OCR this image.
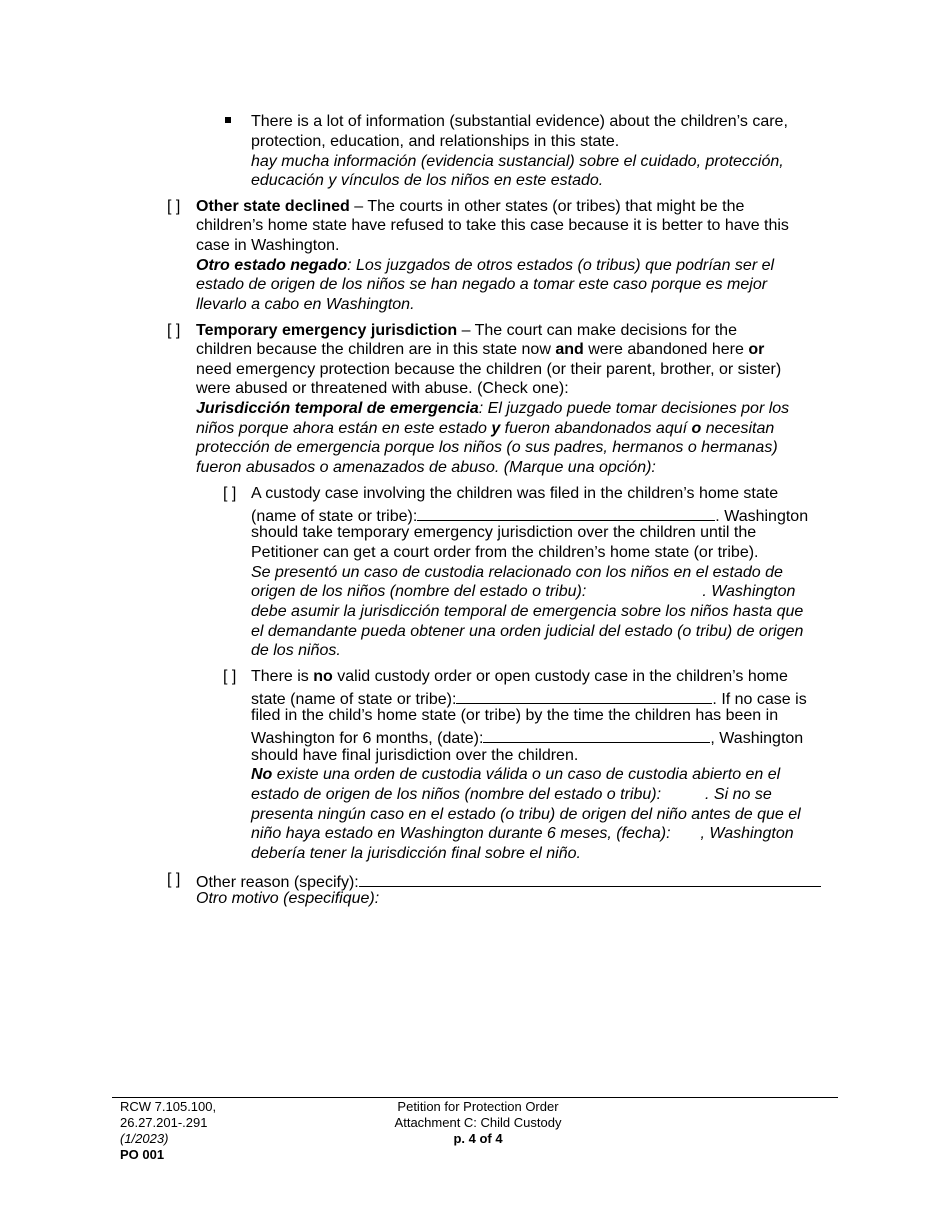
There is a lot of information (substantial evidence) about the children’s care,
protection, education, and relationships in this state.
hay mucha información (evidencia sustancial) sobre el cuidado, protección,
educación y vínculos de los niños en este estado.
[ ] Other state declined – The courts in other states (or tribes) that might be the
children’s home state have refused to take this case because it is better to have this
case in Washington.
Otro estado negado: Los juzgados de otros estados (o tribus) que podrían ser el
estado de origen de los niños se han negado a tomar este caso porque es mejor
llevarlo a cabo en Washington.
[ ] Temporary emergency jurisdiction – The court can make decisions for the
children because the children are in this state now and were abandoned here or
need emergency protection because the children (or their parent, brother, or sister)
were abused or threatened with abuse. (Check one):
Jurisdicción temporal de emergencia: El juzgado puede tomar decisiones por los
niños porque ahora están en este estado y fueron abandonados aquí o necesitan
protección de emergencia porque los niños (o sus padres, hermanos o hermanas)
fueron abusados o amenazados de abuso. (Marque una opción):
[ ] A custody case involving the children was filed in the children’s home state
(name of state or tribe):	. Washington
should take temporary emergency jurisdiction over the children until the
Petitioner can get a court order from the children’s home state (or tribe).
Se presentó un caso de custodia relacionado con los niños en el estado de
origen de los niños (nombre del estado o tribu):	. Washington
debe asumir la jurisdicción temporal de emergencia sobre los niños hasta que
el demandante pueda obtener una orden judicial del estado (o tribu) de origen
de los niños.
[ ] There is no valid custody order or open custody case in the children’s home
state (name of state or tribe):	. If no case is
filed in the child’s home state (or tribe) by the time the children has been in
Washington for 6 months, (date):	, Washington
should have final jurisdiction over the children.
No existe una orden de custodia válida o un caso de custodia abierto en el
estado de origen de los niños (nombre del estado o tribu):	. Si no se
presenta ningún caso en el estado (o tribu) de origen del niño antes de que el
niño haya estado en Washington durante 6 meses, (fecha): , Washington
debería tener la jurisdicción final sobre el niño.
[ ] Other reason (specify):
Otro motivo (especifique):
RCW 7.105.100,
26.27.201-.291
(1/2023)
PO 001
Petition for Protection Order
Attachment C: Child Custody
p. 4 of 4
